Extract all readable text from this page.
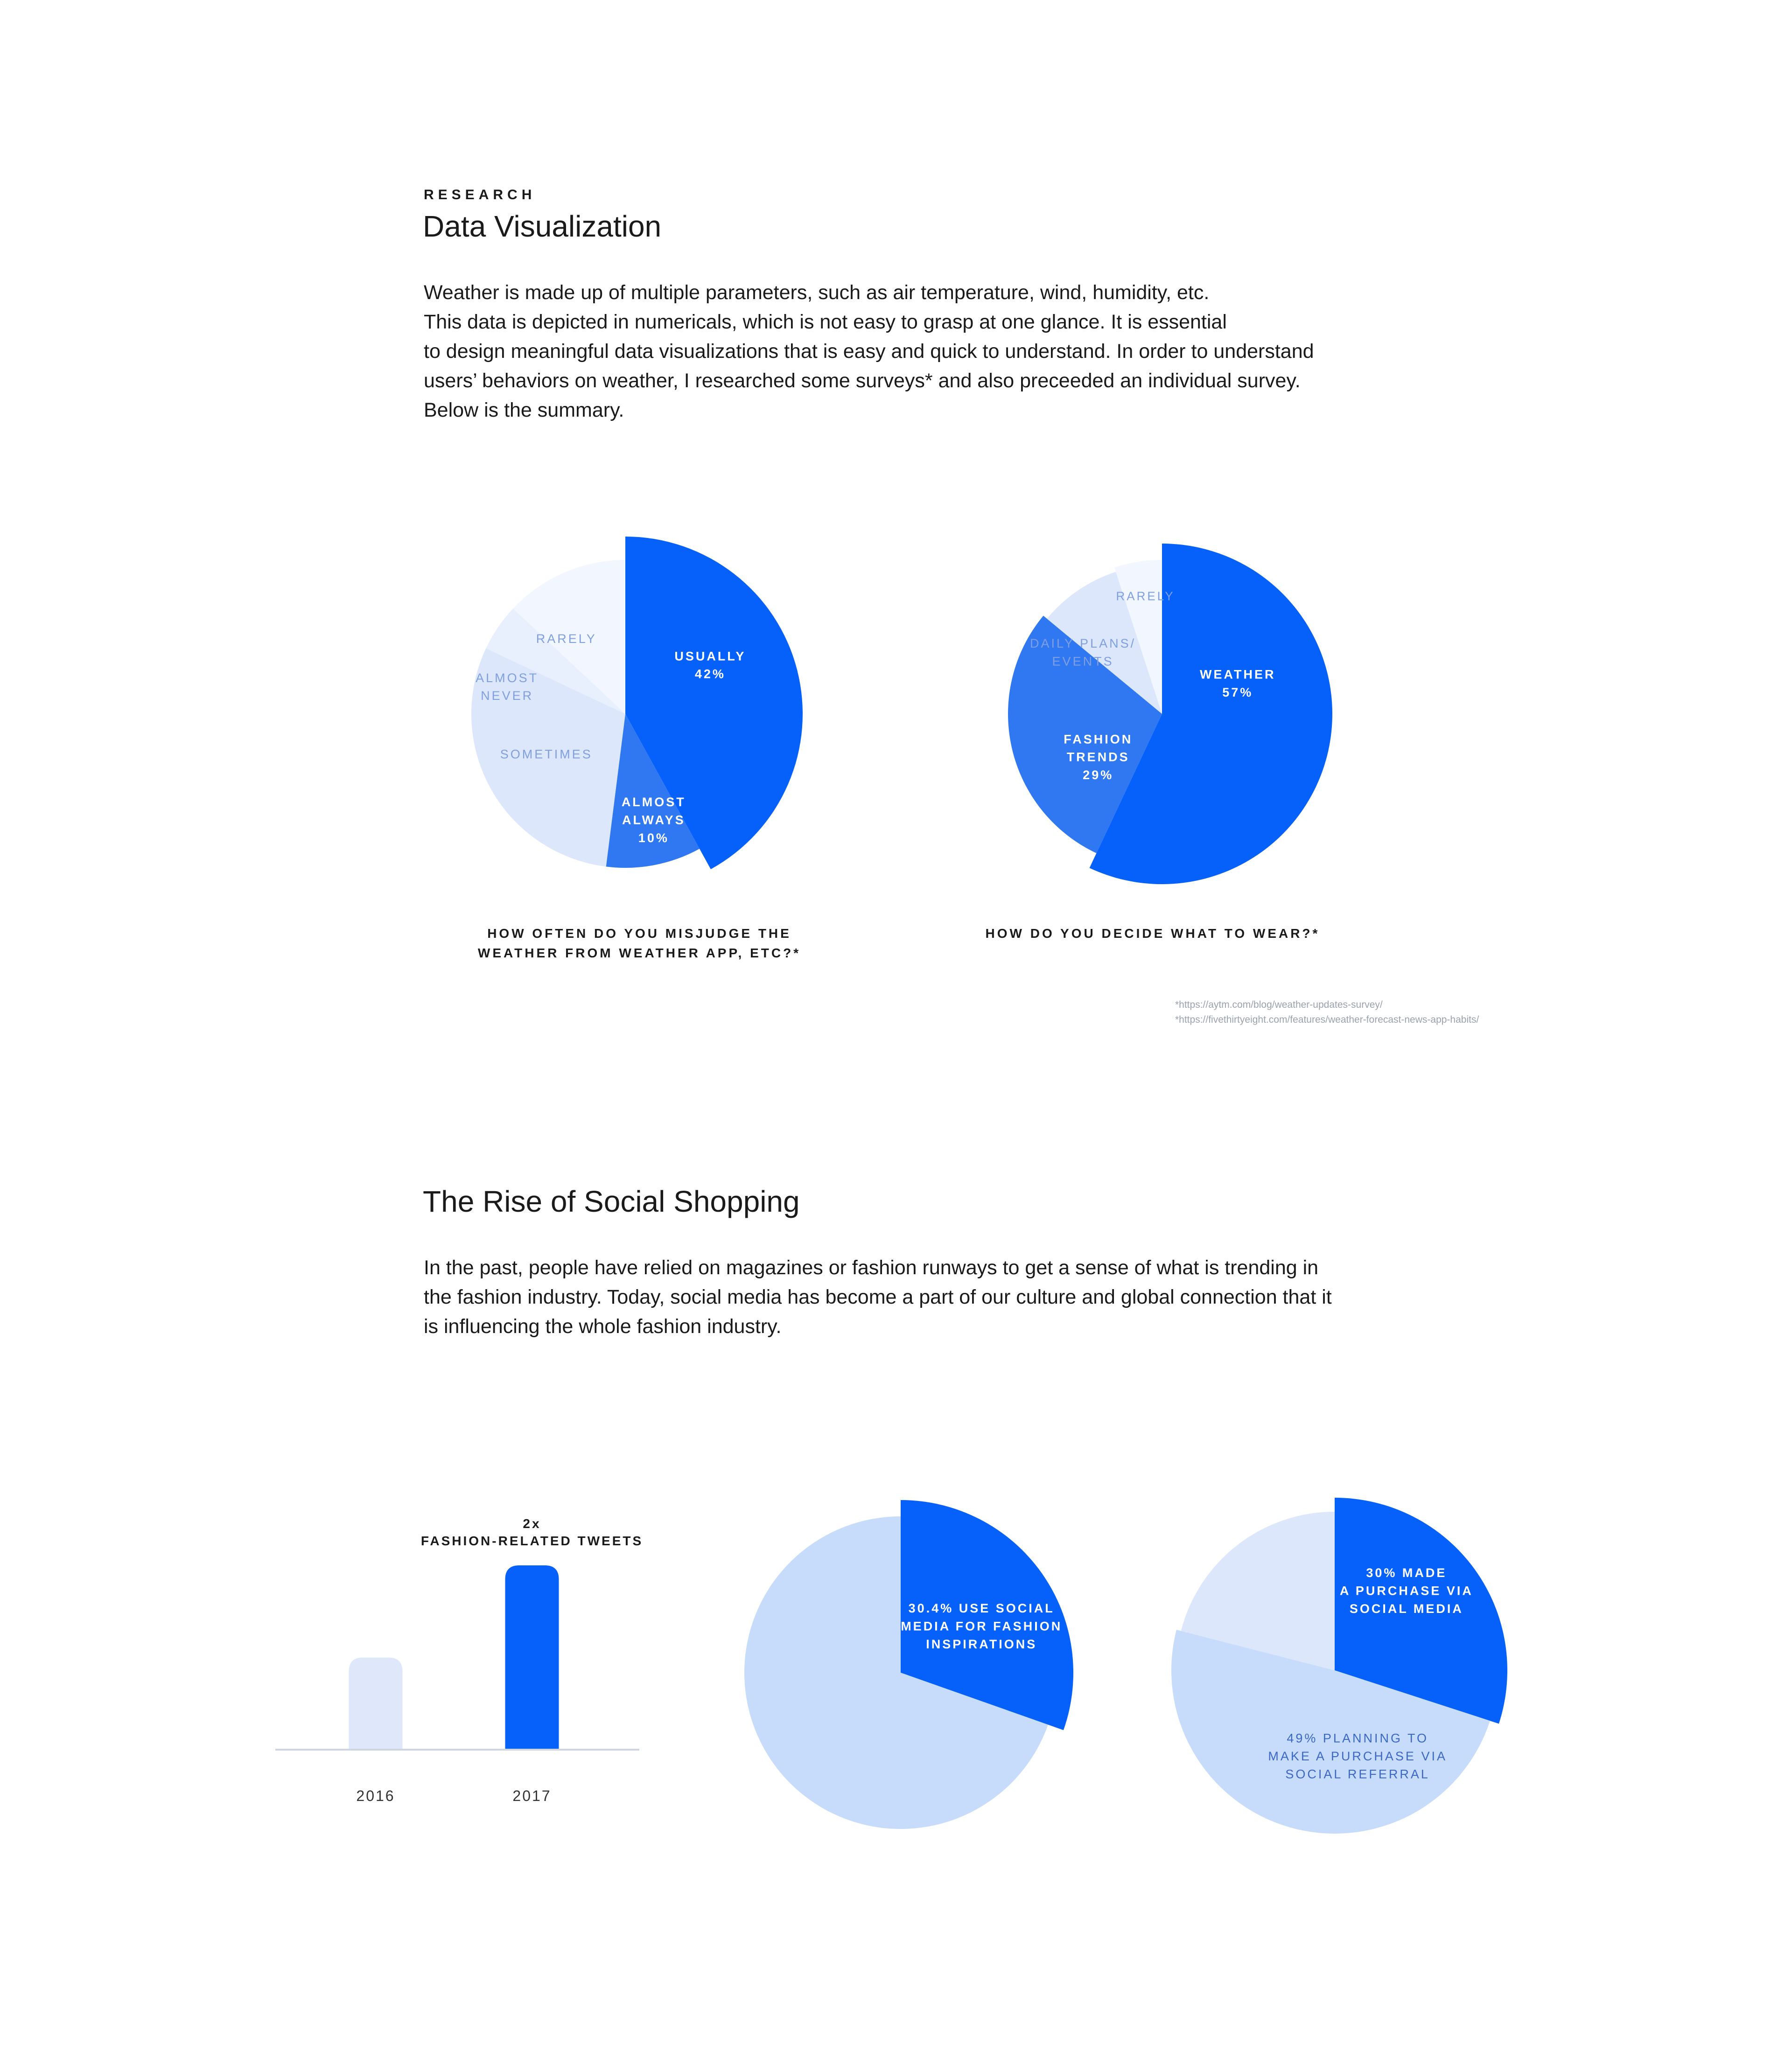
RESEARCH
Data Visualization
Weather is made up of multiple parameters, such as air temperature, wind, humidity, etc.
This data is depicted in numericals, which is not easy to grasp at one glance. It is essential
to design meaningful data visualizations that is easy and quick to understand. In order to understand
users’ behaviors on weather, I researched some surveys* and also preceeded an individual survey.
Below is the summary.
USUALLY
42%
ALMOST
ALWAYS
10%
SOMETIMES
ALMOST
NEVER
RARELY
HOW OFTEN DO YOU MISJUDGE THE
WEATHER FROM WEATHER APP, ETC?*
WEATHER
57%
FASHION
TRENDS
29%
DAILY PLANS/
EVENTS
RARELY
HOW DO YOU DECIDE WHAT TO WEAR?*
*https://aytm.com/blog/weather-updates-survey/
*https://fivethirtyeight.com/features/weather-forecast-news-app-habits/
The Rise of Social Shopping
In the past, people have relied on magazines or fashion runways to get a sense of what is trending in
the fashion industry. Today, social media has become a part of our culture and global connection that it
is influencing the whole fashion industry.
2x
FASHION-RELATED TWEETS
2016	2017
30.4% USE SOCIAL
MEDIA FOR FASHION
INSPIRATIONS
30% MADE
A PURCHASE VIA
SOCIAL MEDIA
49% PLANNING TO
MAKE A PURCHASE VIA
SOCIAL REFERRAL
